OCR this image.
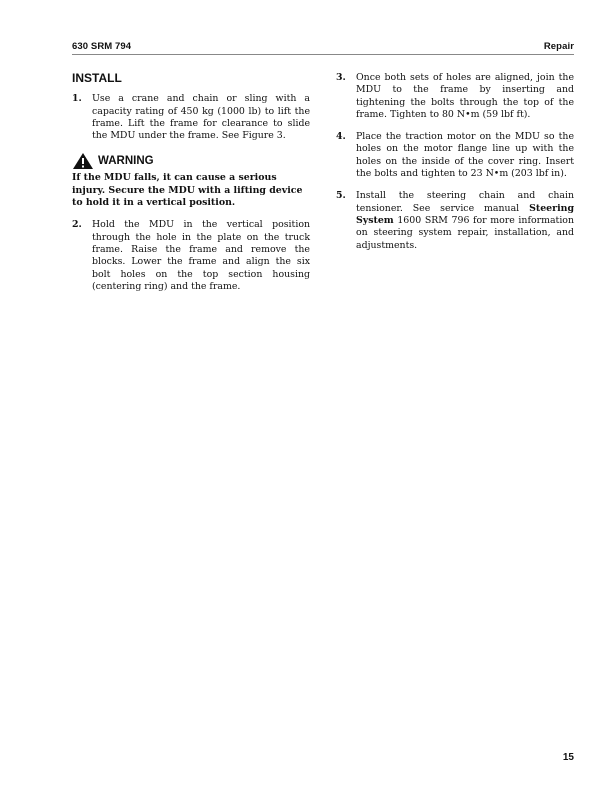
630 SRM 794	Repair
INSTALL
1.	Use a crane and chain or sling with a capacity rating of 450 kg (1000 lb) to lift the frame. Lift the frame for clearance to slide the MDU under the frame. See Figure 3.
WARNING
If the MDU falls, it can cause a serious injury. Secure the MDU with a lifting device to hold it in a vertical position.
2.	Hold the MDU in the vertical position through the hole in the plate on the truck frame. Raise the frame and remove the blocks. Lower the frame and align the six bolt holes on the top section housing (centering ring) and the frame.
3.	Once both sets of holes are aligned, join the MDU to the frame by inserting and tightening the bolts through the top of the frame. Tighten to 80 N•m (59 lbf ft).
4.	Place the traction motor on the MDU so the holes on the motor flange line up with the holes on the inside of the cover ring. Insert the bolts and tighten to 23 N•m (203 lbf in).
5.	Install the steering chain and chain tensioner. See service manual Steering System 1600 SRM 796 for more information on steering system repair, installation, and adjustments.
15
